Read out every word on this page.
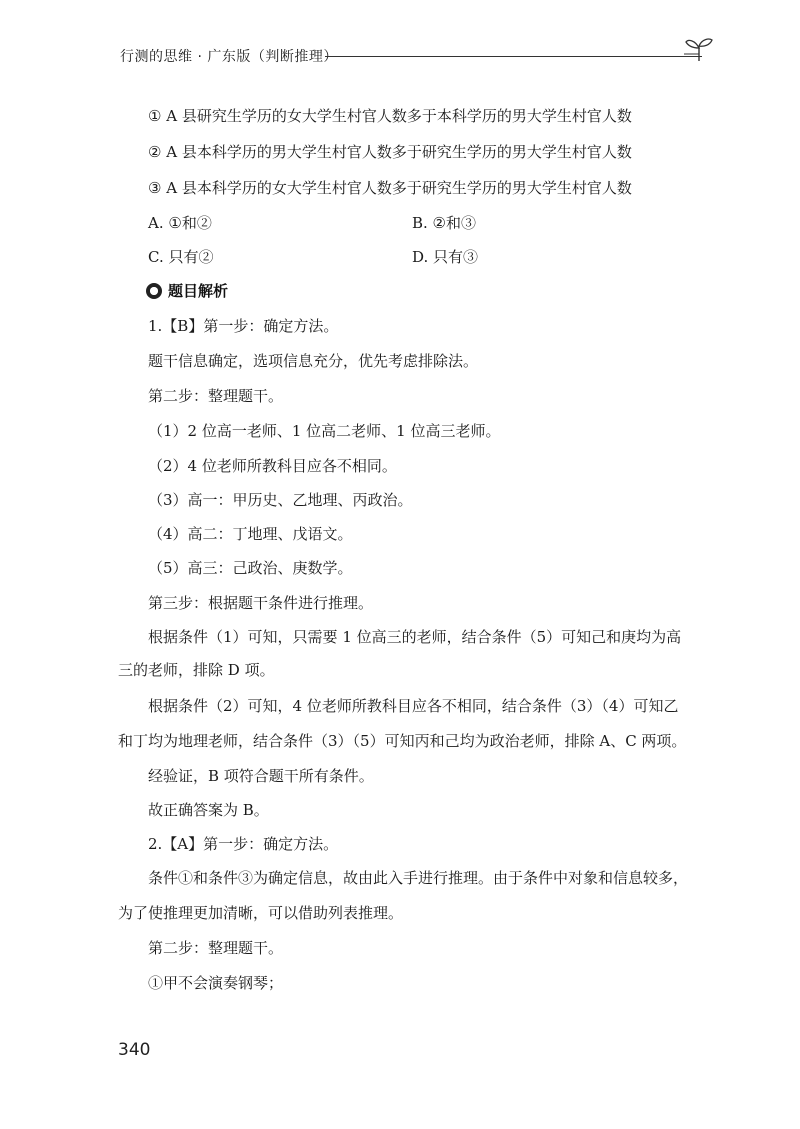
行测的思维 · 广东版（判断推理）
① A 县研究生学历的女大学生村官人数多于本科学历的男大学生村官人数
② A 县本科学历的男大学生村官人数多于研究生学历的男大学生村官人数
③ A 县本科学历的女大学生村官人数多于研究生学历的男大学生村官人数
A. ①和②	B. ②和③
C. 只有②	D. 只有③
题目解析
1.【B】第一步：确定方法。
题干信息确定，选项信息充分，优先考虑排除法。
第二步：整理题干。
（1）2 位高一老师、1 位高二老师、1 位高三老师。
（2）4 位老师所教科目应各不相同。
（3）高一：甲历史、乙地理、丙政治。
（4）高二：丁地理、戊语文。
（5）高三：己政治、庚数学。
第三步：根据题干条件进行推理。
根据条件（1）可知，只需要 1 位高三的老师，结合条件（5）可知己和庚均为高
三的老师，排除 D 项。
根据条件（2）可知，4 位老师所教科目应各不相同，结合条件（3）（4）可知乙
和丁均为地理老师，结合条件（3）（5）可知丙和己均为政治老师，排除 A、C 两项。
经验证，B 项符合题干所有条件。
故正确答案为 B。
2.【A】第一步：确定方法。
条件①和条件③为确定信息，故由此入手进行推理。由于条件中对象和信息较多，
为了使推理更加清晰，可以借助列表推理。
第二步：整理题干。
①甲不会演奏钢琴；
340
